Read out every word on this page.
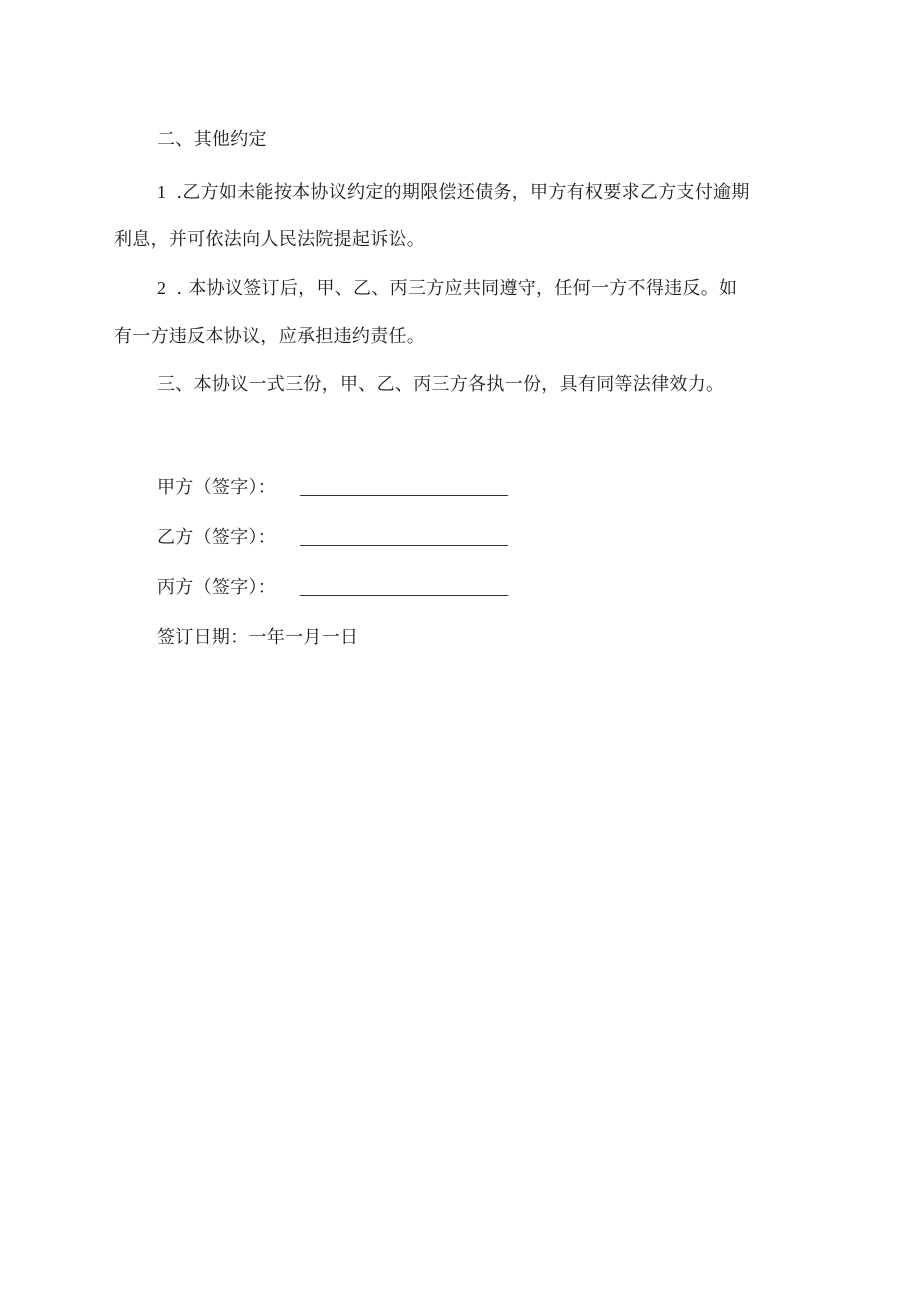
二、其他约定
1 .乙方如未能按本协议约定的期限偿还债务，甲方有权要求乙方支付逾期
利息，并可依法向人民法院提起诉讼。
2 . 本协议签订后，甲、乙、丙三方应共同遵守，任何一方不得违反。如
有一方违反本协议，应承担违约责任。
三、本协议一式三份，甲、乙、丙三方各执一份，具有同等法律效力。
甲方（签字）：
乙方（签字）：
丙方（签字）：
签订日期：一年一月一日
